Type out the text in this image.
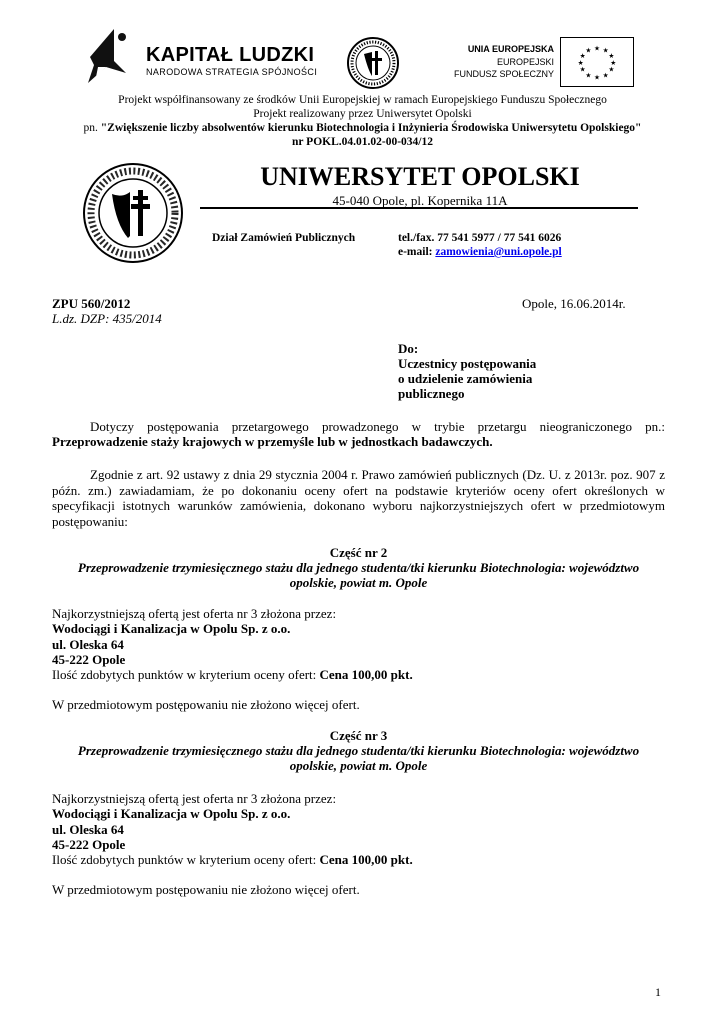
KAPITAŁ LUDZKI
NARODOWA STRATEGIA SPÓJNOŚCI
UNIA EUROPEJSKA
EUROPEJSKI
FUNDUSZ SPOŁECZNY
★ ★
★
★
★
★
★
★
★
★
★
★
Projekt współfinansowany ze środków Unii Europejskiej w ramach Europejskiego Funduszu Społecznego
Projekt realizowany przez Uniwersytet Opolski
pn. "Zwiększenie liczby absolwentów kierunku Biotechnologia i Inżynieria Środowiska Uniwersytetu Opolskiego"
nr POKL.04.01.02-00-034/12
UNIWERSYTET OPOLSKI
45-040 Opole, pl. Kopernika 11A
Dział Zamówień Publicznych	tel./fax. 77 541 5977 / 77 541 6026
e-mail: zamowienia@uni.opole.pl
ZPU 560/2012
L.dz. DZP: 435/2014
Opole, 16.06.2014r.
Do:
Uczestnicy postępowania
o udzielenie zamówienia
publicznego
Dotyczy postępowania przetargowego prowadzonego w trybie przetargu nieograniczonego pn.:
Przeprowadzenie staży krajowych w przemyśle lub w jednostkach badawczych.
Zgodnie z art. 92 ustawy z dnia 29 stycznia 2004 r. Prawo zamówień publicznych (Dz. U. z 2013r. poz. 907 z późn. zm.) zawiadamiam, że po dokonaniu oceny ofert na podstawie kryteriów oceny ofert określonych w specyfikacji istotnych warunków zamówienia, dokonano wyboru najkorzystniejszych ofert w przedmiotowym postępowaniu:
Część nr 2
Przeprowadzenie trzymiesięcznego stażu dla jednego studenta/tki kierunku Biotechnologia: województwo opolskie, powiat m. Opole
Najkorzystniejszą ofertą jest oferta nr 3 złożona przez:
Wodociągi i Kanalizacja w Opolu Sp. z o.o.
ul. Oleska 64
45-222 Opole
Ilość zdobytych punktów w kryterium oceny ofert: Cena 100,00 pkt.
W przedmiotowym postępowaniu nie złożono więcej ofert.
Część nr 3
Przeprowadzenie trzymiesięcznego stażu dla jednego studenta/tki kierunku Biotechnologia: województwo opolskie, powiat m. Opole
Najkorzystniejszą ofertą jest oferta nr 3 złożona przez:
Wodociągi i Kanalizacja w Opolu Sp. z o.o.
ul. Oleska 64
45-222 Opole
Ilość zdobytych punktów w kryterium oceny ofert: Cena 100,00 pkt.
W przedmiotowym postępowaniu nie złożono więcej ofert.
1
